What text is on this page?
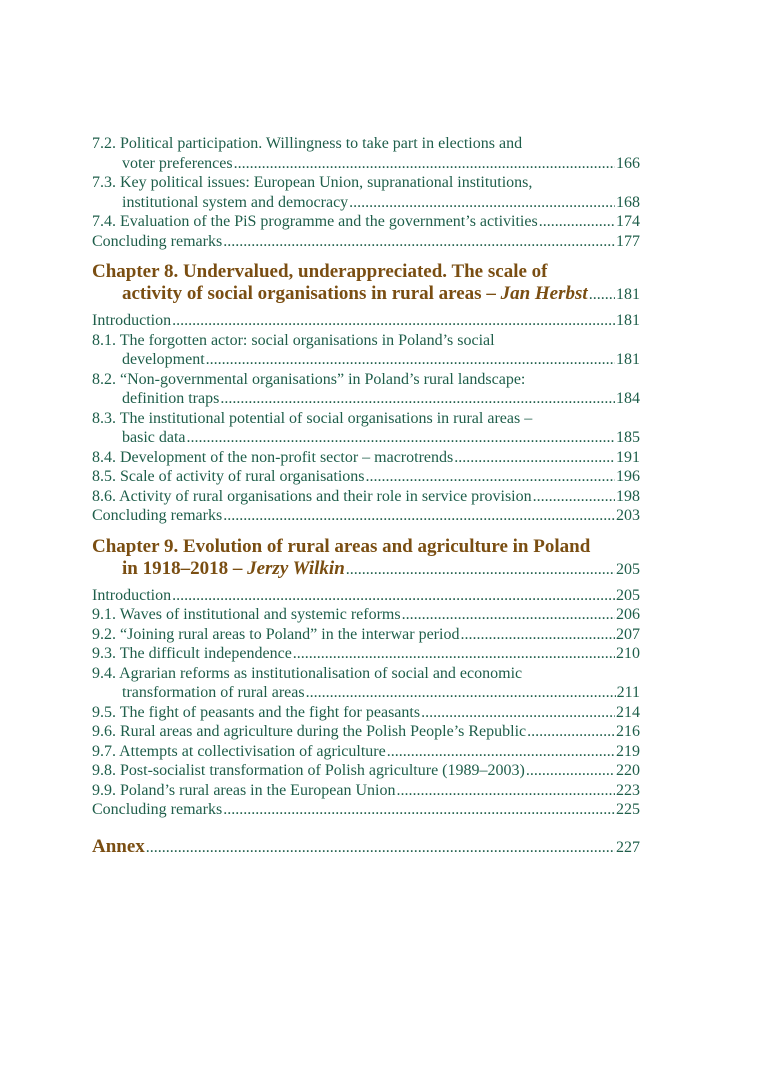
7.2. Political participation. Willingness to take part in elections and
voter preferences .....	166
7.3. Key political issues: European Union, supranational institutions,
institutional system and democracy .....	168
7.4. Evaluation of the PiS programme and the government’s activities .....	174
Concluding remarks .....	177
Chapter 8. Undervalued, underappreciated. The scale of
activity of social organisations in rural areas – Jan Herbst ..... 181
Introduction .....	181
8.1. The forgotten actor: social organisations in Poland’s social
development .....	181
8.2. “Non-governmental organisations” in Poland’s rural landscape:
definition traps .....	184
8.3. The institutional potential of social organisations in rural areas –
basic data .....	185
8.4. Development of the non-profit sector – macrotrends .....	191
8.5. Scale of activity of rural organisations .....	196
8.6. Activity of rural organisations and their role in service provision .....	198
Concluding remarks .....	203
Chapter 9. Evolution of rural areas and agriculture in Poland
in 1918–2018 – Jerzy Wilkin .....	205
Introduction .....	205
9.1. Waves of institutional and systemic reforms .....	206
9.2. “Joining rural areas to Poland” in the interwar period .....	207
9.3. The difficult independence .....	210
9.4. Agrarian reforms as institutionalisation of social and economic
transformation of rural areas .....	211
9.5. The fight of peasants and the fight for peasants .....	214
9.6. Rural areas and agriculture during the Polish People’s Republic .....	216
9.7. Attempts at collectivisation of agriculture .....	219
9.8. Post-socialist transformation of Polish agriculture (1989–2003) .....	220
9.9. Poland’s rural areas in the European Union .....	223
Concluding remarks .....	225
Annex .....	227
